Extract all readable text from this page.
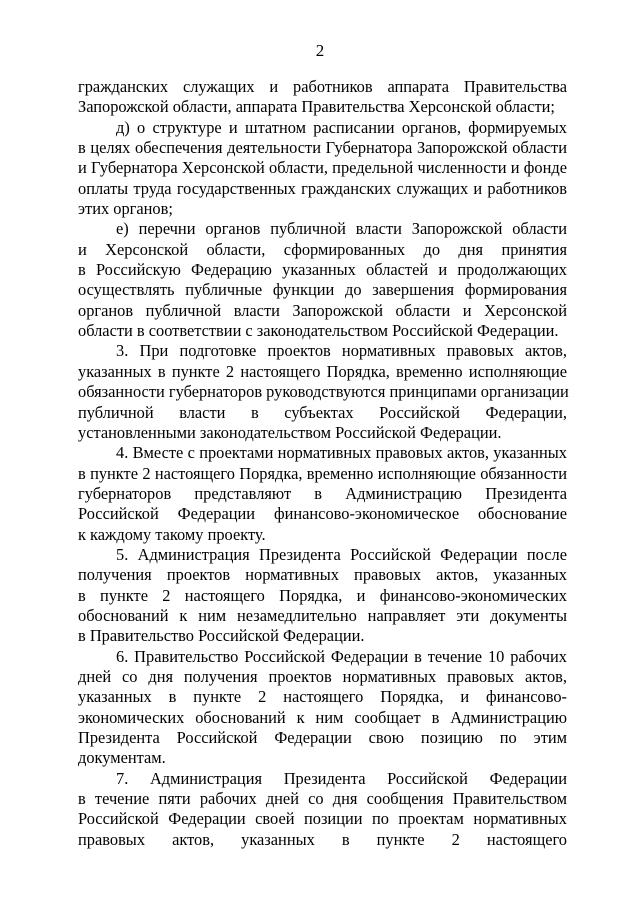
2
гражданских служащих и работников аппарата Правительства
Запорожской области, аппарата Правительства Херсонской области;
д) о структуре и штатном расписании органов, формируемых
в целях обеспечения деятельности Губернатора Запорожской области
и Губернатора Херсонской области, предельной численности и фонде
оплаты труда государственных гражданских служащих и работников
этих органов;
е) перечни органов публичной власти Запорожской области
и Херсонской области, сформированных до дня принятия
в Российскую Федерацию указанных областей и продолжающих
осуществлять публичные функции до завершения формирования
органов публичной власти Запорожской области и Херсонской
области в соответствии с законодательством Российской Федерации.
3. При подготовке проектов нормативных правовых актов,
указанных в пункте 2 настоящего Порядка, временно исполняющие
обязанности губернаторов руководствуются принципами организации
публичной власти в субъектах Российской Федерации,
установленными законодательством Российской Федерации.
4. Вместе с проектами нормативных правовых актов, указанных
в пункте 2 настоящего Порядка, временно исполняющие обязанности
губернаторов представляют в Администрацию Президента
Российской Федерации финансово-экономическое обоснование
к каждому такому проекту.
5. Администрация Президента Российской Федерации после
получения проектов нормативных правовых актов, указанных
в пункте 2 настоящего Порядка, и финансово-экономических
обоснований к ним незамедлительно направляет эти документы
в Правительство Российской Федерации.
6. Правительство Российской Федерации в течение 10 рабочих
дней со дня получения проектов нормативных правовых актов,
указанных в пункте 2 настоящего Порядка, и финансово-
экономических обоснований к ним сообщает в Администрацию
Президента Российской Федерации свою позицию по этим
документам.
7. Администрация Президента Российской Федерации
в течение пяти рабочих дней со дня сообщения Правительством
Российской Федерации своей позиции по проектам нормативных
правовых актов, указанных в пункте 2 настоящего
